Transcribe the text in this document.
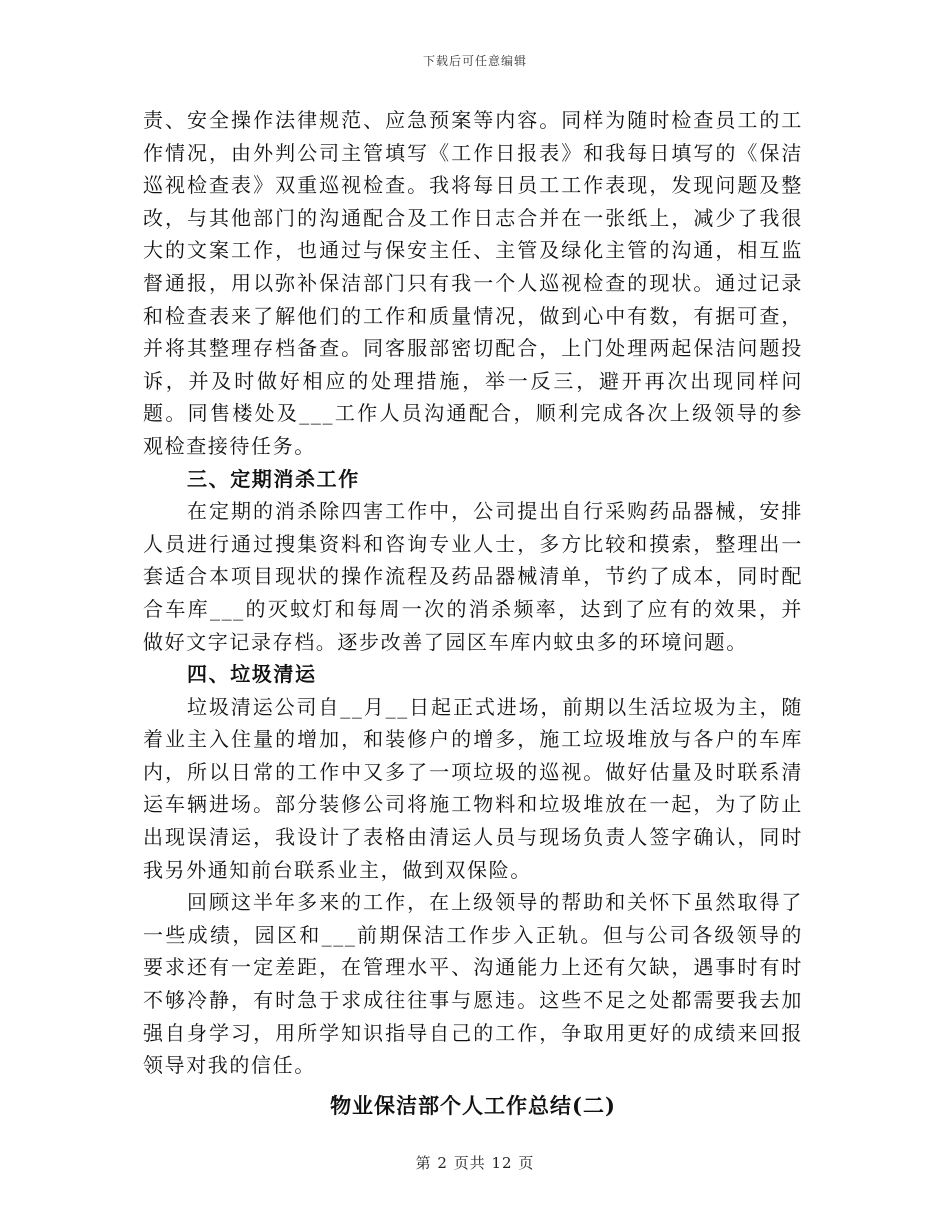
下载后可任意编辑

责、安全操作法律规范、应急预案等内容。同样为随时检查员工的工作情况，由外判公司主管填写《工作日报表》和我每日填写的《保洁巡视检查表》双重巡视检查。我将每日员工工作表现，发现问题及整改，与其他部门的沟通配合及工作日志合并在一张纸上，减少了我很大的文案工作，也通过与保安主任、主管及绿化主管的沟通，相互监督通报，用以弥补保洁部门只有我一个人巡视检查的现状。通过记录和检查表来了解他们的工作和质量情况，做到心中有数，有据可查，并将其整理存档备查。同客服部密切配合，上门处理两起保洁问题投诉，并及时做好相应的处理措施，举一反三，避开再次出现同样问题。同售楼处及___工作人员沟通配合，顺利完成各次上级领导的参观检查接待任务。

三、定期消杀工作

在定期的消杀除四害工作中，公司提出自行采购药品器械，安排人员进行通过搜集资料和咨询专业人士，多方比较和摸索，整理出一套适合本项目现状的操作流程及药品器械清单，节约了成本，同时配合车库___的灭蚊灯和每周一次的消杀频率，达到了应有的效果，并做好文字记录存档。逐步改善了园区车库内蚊虫多的环境问题。

四、垃圾清运

垃圾清运公司自__月__日起正式进场，前期以生活垃圾为主，随着业主入住量的增加，和装修户的增多，施工垃圾堆放与各户的车库内，所以日常的工作中又多了一项垃圾的巡视。做好估量及时联系清运车辆进场。部分装修公司将施工物料和垃圾堆放在一起，为了防止出现误清运，我设计了表格由清运人员与现场负责人签字确认，同时我另外通知前台联系业主，做到双保险。

回顾这半年多来的工作，在上级领导的帮助和关怀下虽然取得了一些成绩，园区和___前期保洁工作步入正轨。但与公司各级领导的要求还有一定差距，在管理水平、沟通能力上还有欠缺，遇事时有时不够冷静，有时急于求成往往事与愿违。这些不足之处都需要我去加强自身学习，用所学知识指导自己的工作，争取用更好的成绩来回报领导对我的信任。

物业保洁部个人工作总结(二)

第 2 页共 12 页
